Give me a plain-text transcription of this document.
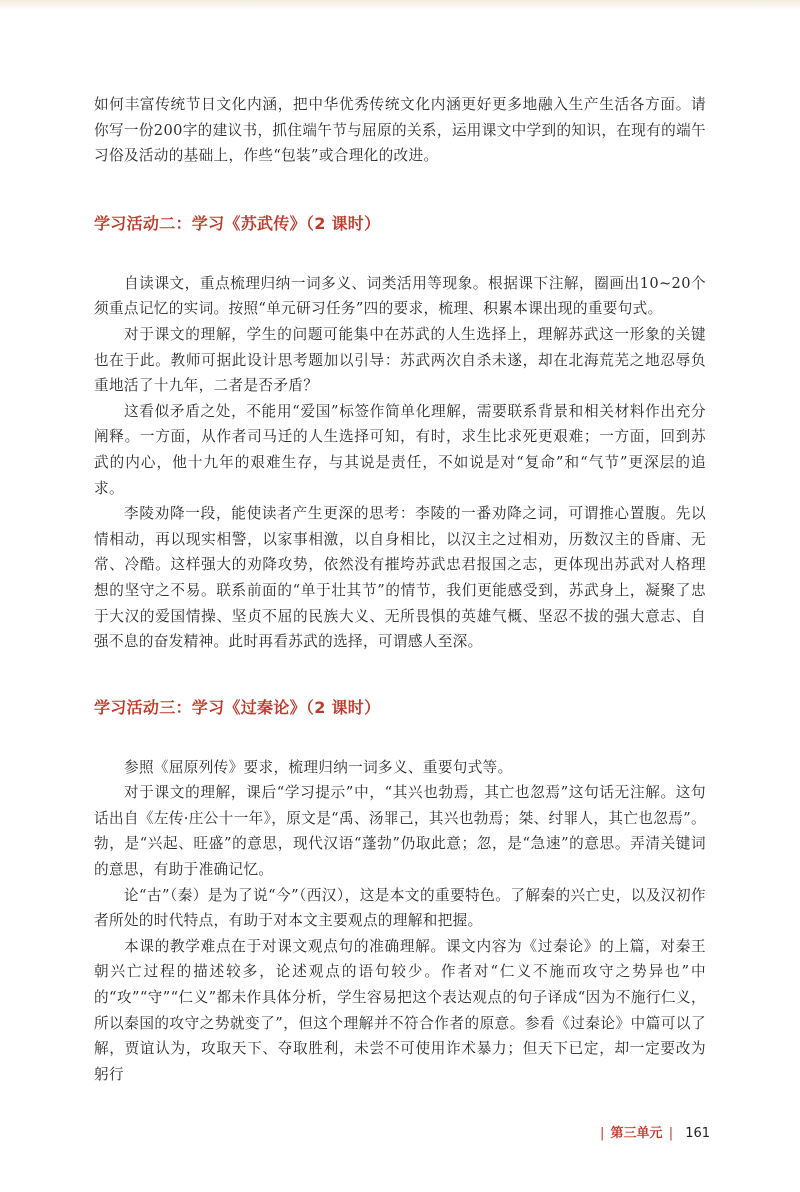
如何丰富传统节日文化内涵，把中华优秀传统文化内涵更好更多地融入生产生活各方面。请你写一份200字的建议书，抓住端午节与屈原的关系，运用课文中学到的知识，在现有的端午习俗及活动的基础上，作些“包装”或合理化的改进。

学习活动二：学习《苏武传》（2 课时）

自读课文，重点梳理归纳一词多义、词类活用等现象。根据课下注解，圈画出10~20个须重点记忆的实词。按照“单元研习任务”四的要求，梳理、积累本课出现的重要句式。

对于课文的理解，学生的问题可能集中在苏武的人生选择上，理解苏武这一形象的关键也在于此。教师可据此设计思考题加以引导：苏武两次自杀未遂，却在北海荒芜之地忍辱负重地活了十九年，二者是否矛盾？

这看似矛盾之处，不能用“爱国”标签作简单化理解，需要联系背景和相关材料作出充分阐释。一方面，从作者司马迁的人生选择可知，有时，求生比求死更艰难；一方面，回到苏武的内心，他十九年的艰难生存，与其说是责任，不如说是对“复命”和“气节”更深层的追求。

李陵劝降一段，能使读者产生更深的思考：李陵的一番劝降之词，可谓推心置腹。先以情相动，再以现实相警，以家事相激，以自身相比，以汉主之过相劝，历数汉主的昏庸、无常、冷酷。这样强大的劝降攻势，依然没有摧垮苏武忠君报国之志，更体现出苏武对人格理想的坚守之不易。联系前面的“单于壮其节”的情节，我们更能感受到，苏武身上，凝聚了忠于大汉的爱国情操、坚贞不屈的民族大义、无所畏惧的英雄气概、坚忍不拔的强大意志、自强不息的奋发精神。此时再看苏武的选择，可谓感人至深。

学习活动三：学习《过秦论》（2 课时）

参照《屈原列传》要求，梳理归纳一词多义、重要句式等。

对于课文的理解，课后“学习提示”中，“其兴也勃焉，其亡也忽焉”这句话无注解。这句话出自《左传·庄公十一年》，原文是“禹、汤罪己，其兴也勃焉；桀、纣罪人，其亡也忽焉”。勃，是“兴起、旺盛”的意思，现代汉语“蓬勃”仍取此意；忽，是“急速”的意思。弄清关键词的意思，有助于准确记忆。

论“古”（秦）是为了说“今”（西汉），这是本文的重要特色。了解秦的兴亡史，以及汉初作者所处的时代特点，有助于对本文主要观点的理解和把握。

本课的教学难点在于对课文观点句的准确理解。课文内容为《过秦论》的上篇，对秦王朝兴亡过程的描述较多，论述观点的语句较少。作者对“仁义不施而攻守之势异也”中的“攻”“守”“仁义”都未作具体分析，学生容易把这个表达观点的句子译成“因为不施行仁义，所以秦国的攻守之势就变了”，但这个理解并不符合作者的原意。参看《过秦论》中篇可以了解，贾谊认为，攻取天下、夺取胜利，未尝不可使用诈术暴力；但天下已定，却一定要改为躬行

| 第三单元 | 161
